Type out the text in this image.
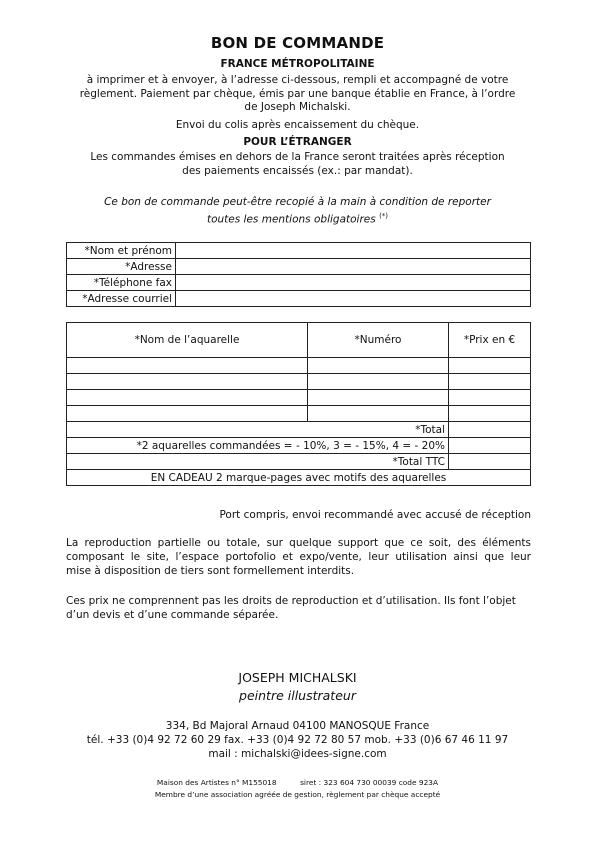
BON DE COMMANDE
FRANCE MÉTROPOLITAINE
à imprimer et à envoyer, à l’adresse ci-dessous, rempli et accompagné de votre
règlement. Paiement par chèque, émis par une banque établie en France, à l’ordre
de Joseph Michalski.
Envoi du colis après encaissement du chèque.
POUR L’ÉTRANGER
Les commandes émises en dehors de la France seront traitées après réception
des paiements encaissés (ex.: par mandat).
Ce bon de commande peut-être recopié à la main à condition de reporter
toutes les mentions obligatoires (*)
*Nom et prénom	
*Adresse	
*Téléphone fax	
*Adresse courriel	
*Nom de l’aquarelle	*Numéro	*Prix en €

*Total		
*2 aquarelles commandées = - 10%, 3 = - 15%, 4 = - 20%		
*Total TTC		
EN CADEAU 2 marque-pages avec motifs des aquarelles		
Port compris, envoi recommandé avec accusé de réception
La reproduction partielle ou totale, sur quelque support que ce soit, des éléments
composant le site, l’espace portofolio et expo/vente, leur utilisation ainsi que leur
mise à disposition de tiers sont formellement interdits.
Ces prix ne comprennent pas les droits de reproduction et d’utilisation. Ils font l’objet
d’un devis et d’une commande séparée.
JOSEPH MICHALSKI
peintre illustrateur
334, Bd Majoral Arnaud 04100 MANOSQUE France
tél. +33 (0)4 92 72 60 29 fax. +33 (0)4 92 72 80 57 mob. +33 (0)6 67 46 11 97
mail : michalski@idees-signe.com
Maison des Artistes n° M155018          siret : 323 604 730 00039 code 923A
Membre d’une association agréée de gestion, règlement par chèque accepté
